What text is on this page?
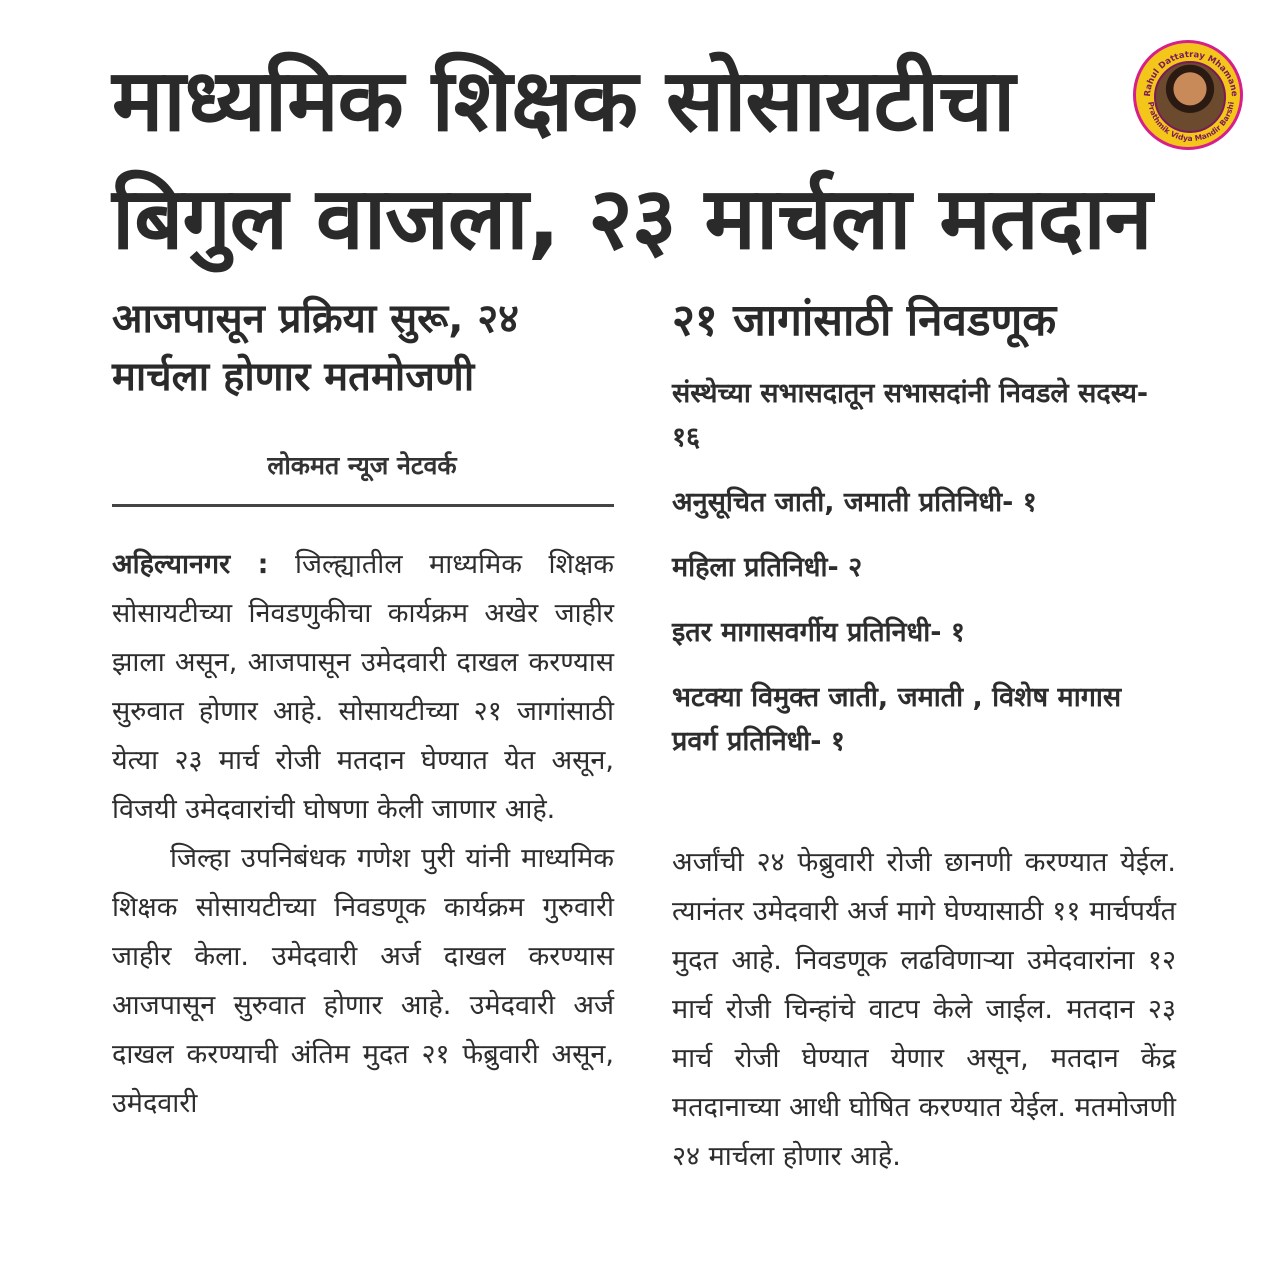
माध्यमिक शिक्षक सोसायटीचा
बिगुल वाजला, २३ मार्चला मतदान
Rahul Dattatray Mhamane
Prathmik Vidya Mandir Barshi
आजपासून प्रक्रिया सुरू, २४
मार्चला होणार मतमोजणी
लोकमत न्यूज नेटवर्क

अहिल्यानगर : जिल्ह्यातील माध्यमिक शिक्षक सोसायटीच्या निवडणुकीचा कार्यक्रम अखेर जाहीर झाला असून, आजपासून उमेदवारी दाखल करण्यास सुरुवात होणार आहे. सोसायटीच्या २१ जागांसाठी येत्या २३ मार्च रोजी मतदान घेण्यात येत असून, विजयी उमेदवारांची घोषणा केली जाणार आहे.

जिल्हा उपनिबंधक गणेश पुरी यांनी माध्यमिक शिक्षक सोसायटीच्या निवडणूक कार्यक्रम गुरुवारी जाहीर केला. उमेदवारी अर्ज दाखल करण्यास आजपासून सुरुवात होणार आहे. उमेदवारी अर्ज दाखल करण्याची अंतिम मुदत २१ फेब्रुवारी असून, उमेदवारी

२१ जागांसाठी निवडणूक
संस्थेच्या सभासदातून सभासदांनी निवडले सदस्य- १६
अनुसूचित जाती, जमाती प्रतिनिधी- १
महिला प्रतिनिधी- २
इतर मागासवर्गीय प्रतिनिधी- १
भटक्या विमुक्त जाती, जमाती , विशेष मागास प्रवर्ग प्रतिनिधी- १

अर्जांची २४ फेब्रुवारी रोजी छानणी करण्यात येईल. त्यानंतर उमेदवारी अर्ज मागे घेण्यासाठी ११ मार्चपर्यंत मुदत आहे. निवडणूक लढविणाऱ्या उमेदवारांना १२ मार्च रोजी चिन्हांचे वाटप केले जाईल. मतदान २३ मार्च रोजी घेण्यात येणार असून, मतदान केंद्र मतदानाच्या आधी घोषित करण्यात येईल. मतमोजणी २४ मार्चला होणार आहे.
